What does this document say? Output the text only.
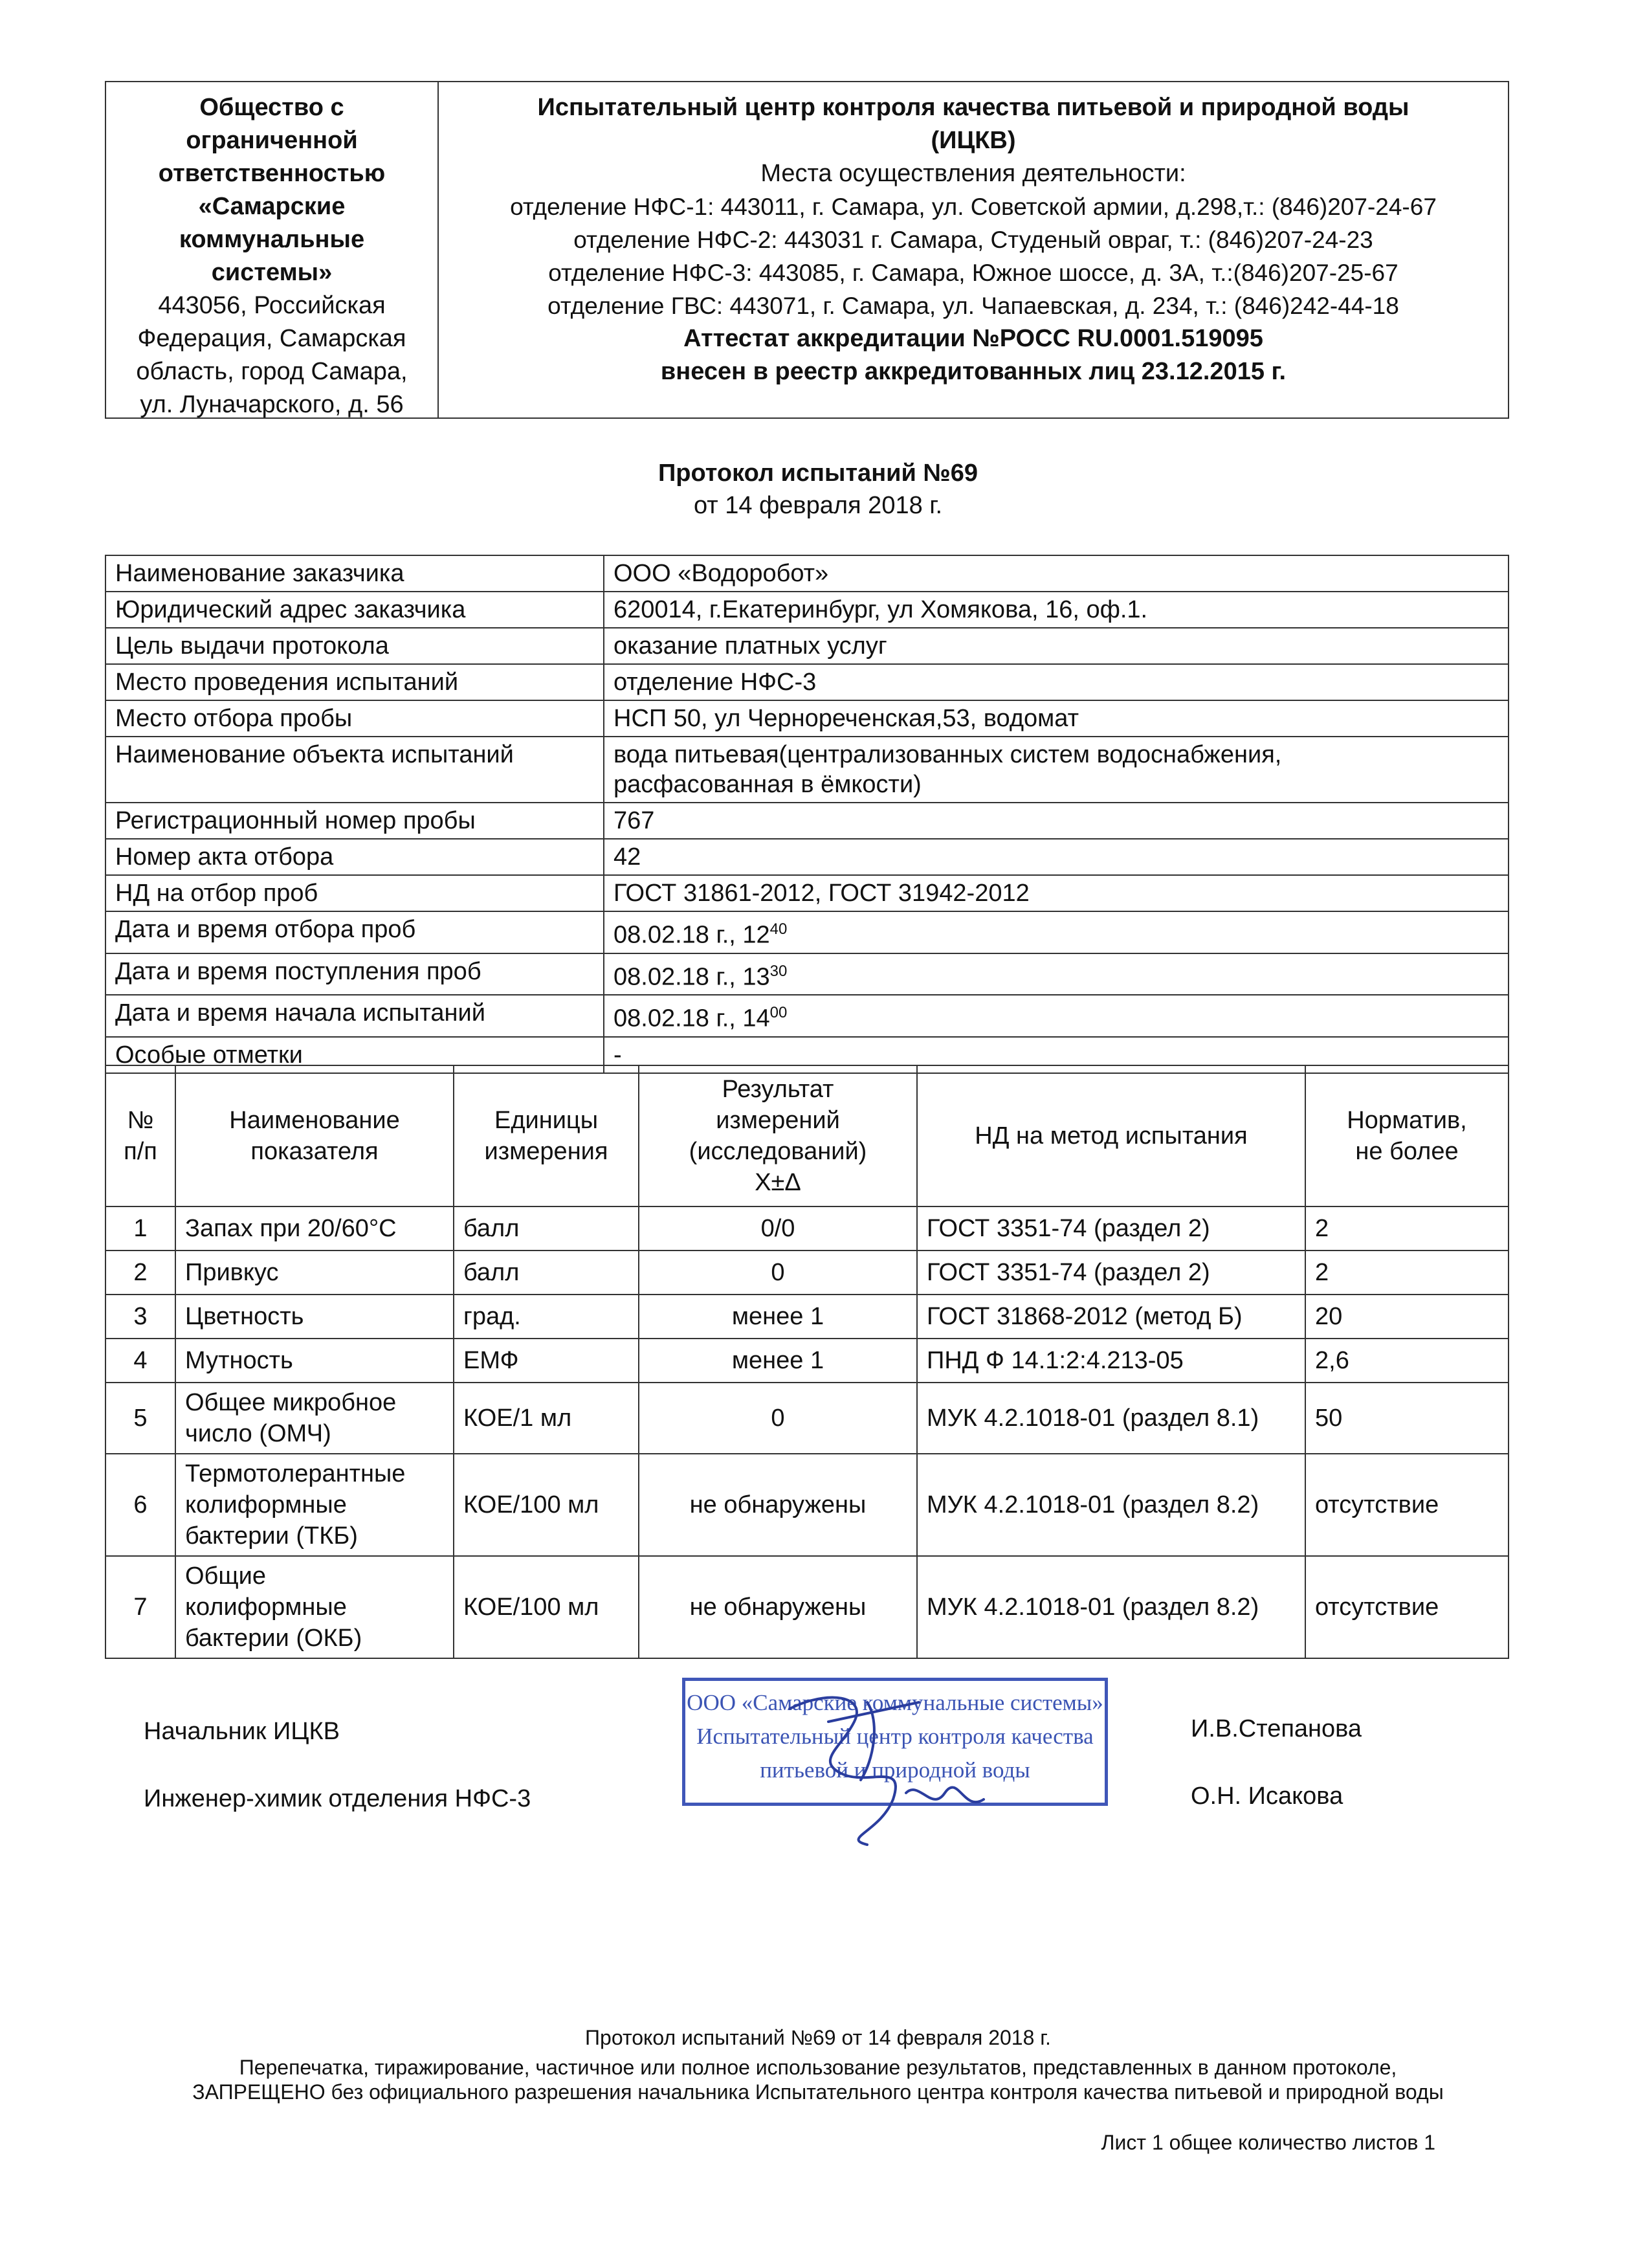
Общество с
ограниченной
ответственностью
«Самарские
коммунальные
системы»
443056, Российская
Федерация, Самарская
область, город Самара,
ул. Луначарского, д. 56
Испытательный центр контроля качества питьевой и природной воды
(ИЦКВ)
Места осуществления деятельности:
отделение НФС-1: 443011, г. Самара, ул. Советской армии, д.298,т.: (846)207-24-67
отделение НФС-2: 443031 г. Самара, Студеный овраг, т.: (846)207-24-23
отделение НФС-3: 443085, г. Самара, Южное шоссе, д. 3А, т.:(846)207-25-67
отделение ГВС: 443071, г. Самара, ул. Чапаевская, д. 234, т.: (846)242-44-18
Аттестат аккредитации №РОСС RU.0001.519095
внесен в реестр аккредитованных лиц 23.12.2015 г.
Протокол испытаний №69
от 14 февраля 2018 г.
Наименование заказчика	ООО «Водоробот»
Юридический адрес заказчика	620014, г.Екатеринбург, ул Хомякова, 16, оф.1.
Цель выдачи протокола	оказание платных услуг
Место проведения испытаний	отделение НФС-3
Место отбора пробы	НСП 50, ул Черноречeнская,53, водомат
Наименование объекта испытаний	вода питьевая(централизованных систем водоснабжения,
расфасованная в ёмкости)

Регистрационный номер пробы	767
Номер акта отбора	42
НД на отбор проб	ГОСТ 31861-2012, ГОСТ 31942-2012
Дата и время отбора проб	08.02.18 г., $12^{40}$
Дата и время поступления проб	08.02.18 г., $13^{30}$
Дата и время начала испытаний	08.02.18 г., $14^{00}$
Особые отметки	-
№
п/п	Наименование
показателя	Единицы
измерения	Результат
измерений
(исследований)
X±Δ	НД на метод испытания	Норматив,
не более
1	Запах при 20/60°С	балл	0/0	ГОСТ 3351-74 (раздел 2)	2
2	Привкус	балл	0	ГОСТ 3351-74 (раздел 2)	2
3	Цветность	град.	менее 1	ГОСТ 31868-2012 (метод Б)	20
4	Мутность	ЕМФ	менее 1	ПНД Ф 14.1:2:4.213-05	2,6
5	Общее микробное
число (ОМЧ)	КОЕ/1 мл	0	МУК 4.2.1018-01 (раздел 8.1)	50
6	Термотолерантные
колиформные
бактерии (ТКБ)	КОЕ/100 мл	не обнаружены	МУК 4.2.1018-01 (раздел 8.2)	отсутствие
7	Общие
колиформные
бактерии (ОКБ)	КОЕ/100 мл	не обнаружены	МУК 4.2.1018-01 (раздел 8.2)	отсутствие
Начальник ИЦКВ	И.В.Степанова
Инженер-химик отделения НФС-3	О.Н. Исакова
ООО «Самарские коммунальные системы»
Испытательный центр контроля качества
питьевой и природной воды
Протокол испытаний №69 от 14 февраля 2018 г.
Перепечатка, тиражирование, частичное или полное использование результатов, представленных в данном протоколе,
ЗАПРЕЩЕНО без официального разрешения начальника Испытательного центра контроля качества питьевой и природной воды
Лист 1 общее количество листов 1
